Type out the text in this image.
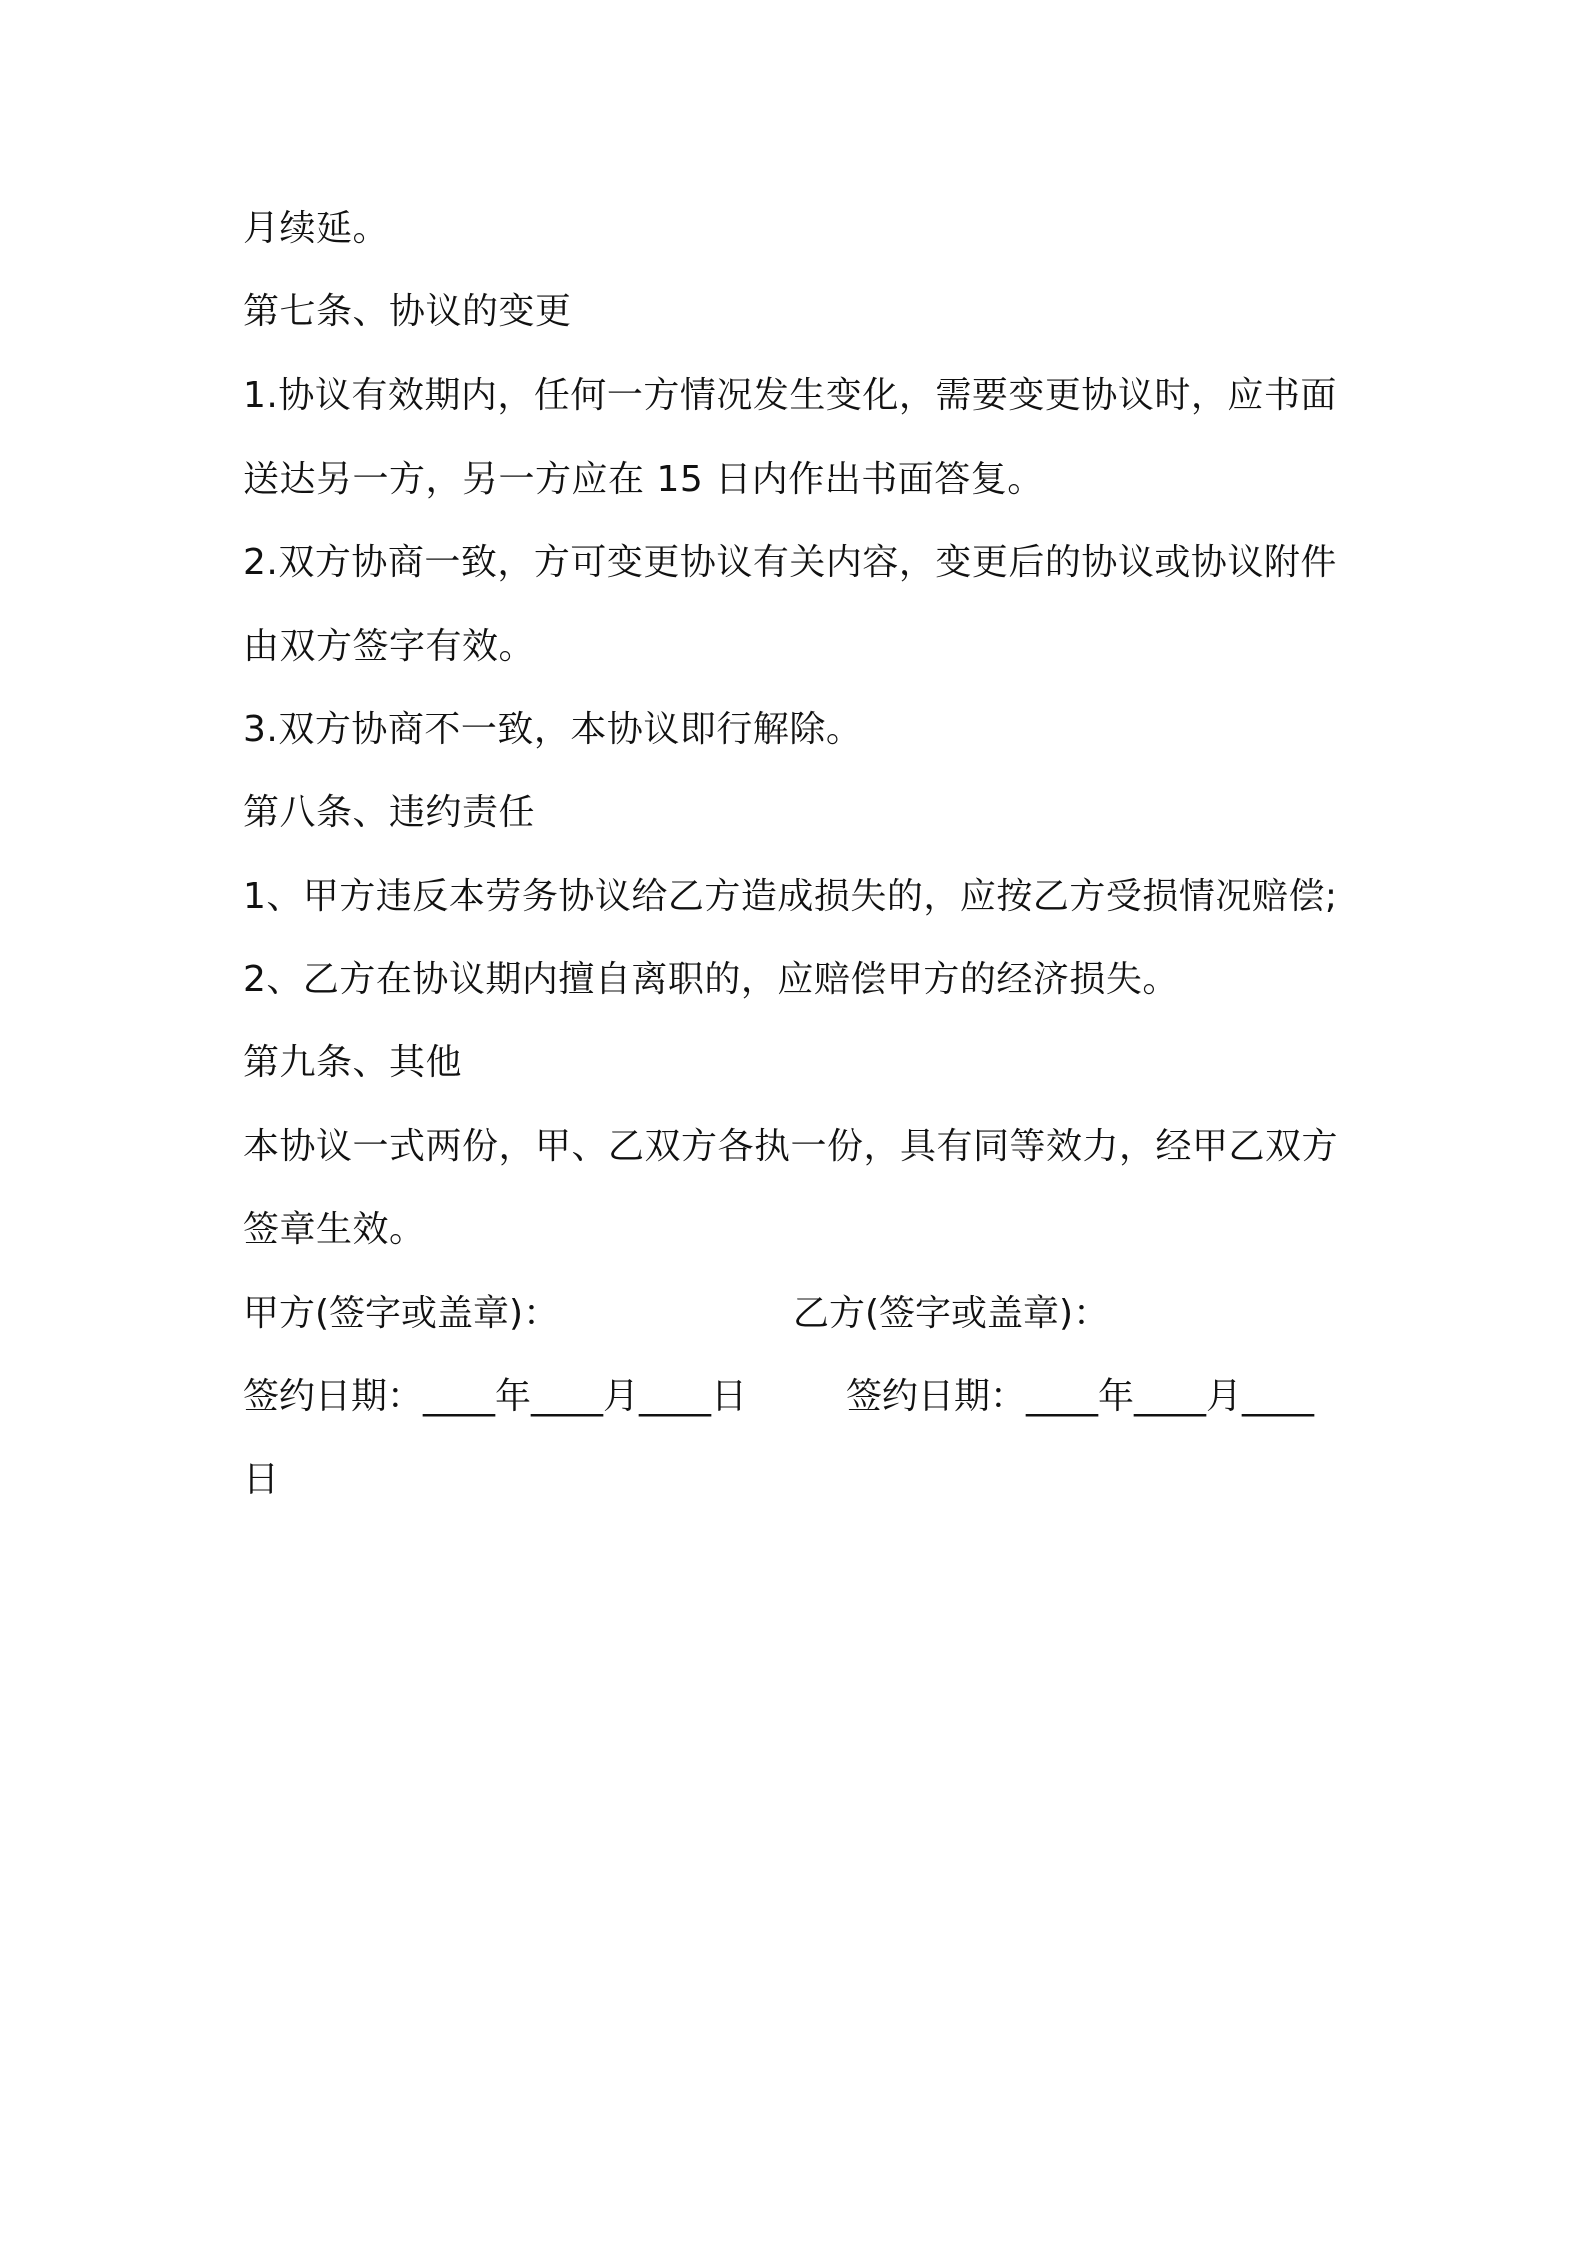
月续延。
第七条、协议的变更
1.协议有效期内，任何一方情况发生变化，需要变更协议时，应书面
送达另一方，另一方应在 15 日内作出书面答复。
2.双方协商一致，方可变更协议有关内容，变更后的协议或协议附件
由双方签字有效。
3.双方协商不一致，本协议即行解除。
第八条、违约责任
1、甲方违反本劳务协议给乙方造成损失的，应按乙方受损情况赔偿;
2、乙方在协议期内擅自离职的，应赔偿甲方的经济损失。
第九条、其他
本协议一式两份，甲、乙双方各执一份，具有同等效力，经甲乙双方
签章生效。
甲方(签字或盖章)：	乙方(签字或盖章)：
签约日期：____年____月____日	签约日期：____年____月____
日
